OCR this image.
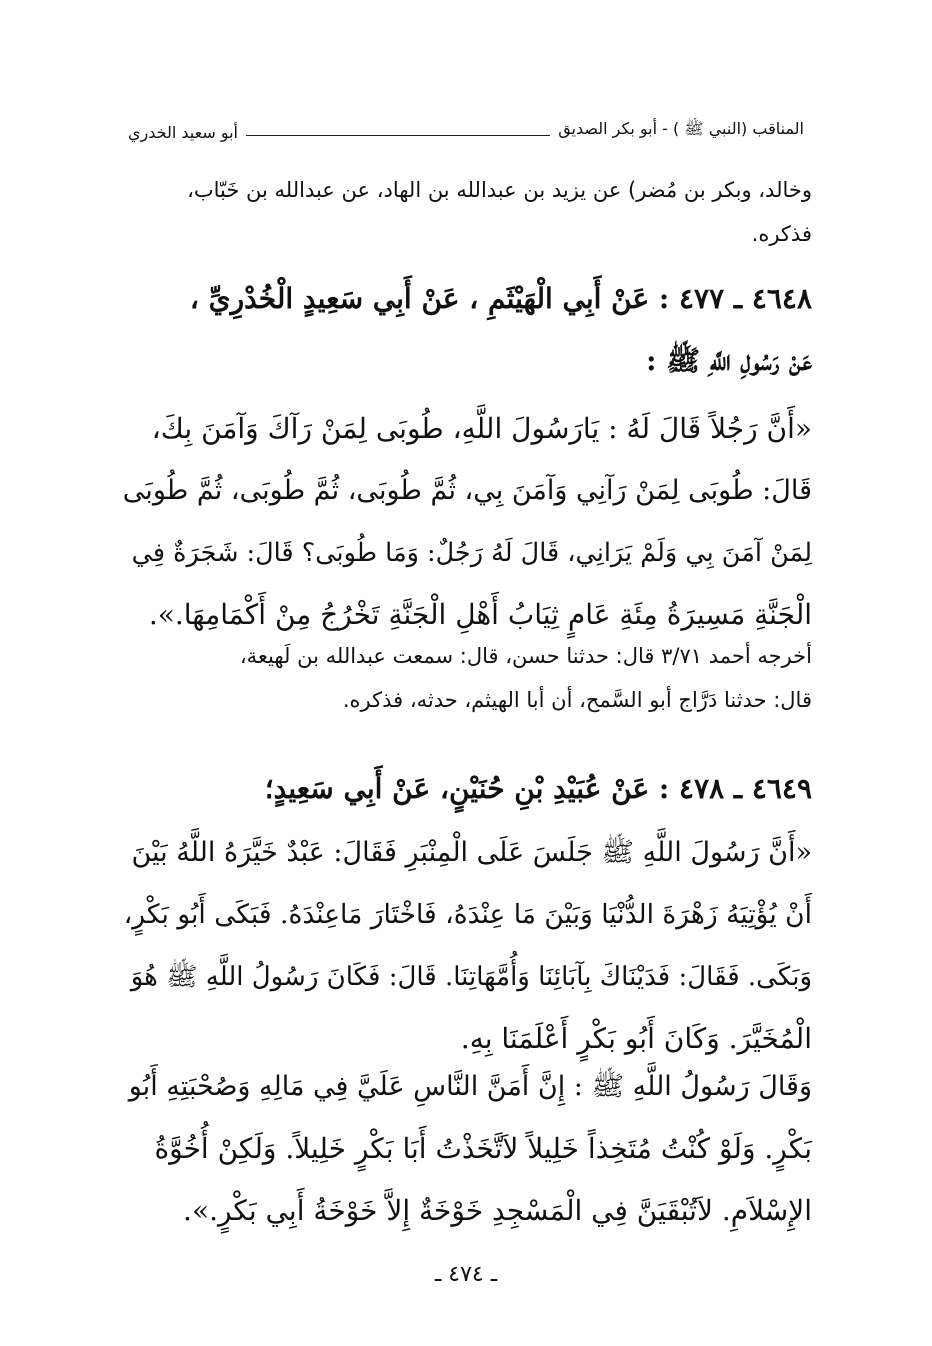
المناقب (النبي ﷺ ) - أبو بكر الصديق
أبو سعيد الخدري
وخالد، وبكر بن مُضر) عن يزيد بن عبدالله بن الهاد، عن عبدالله بن خَبّاب،
فذكره.
٤٦٤٨ ـ ٤٧٧ : عَنْ أَبِي الْهَيْثَمِ ، عَنْ أَبِي سَعِيدٍ الْخُدْرِيِّ ،
عَنْ رَسُولِ اللَّهِ ﷺ :
«أَنَّ رَجُلاً قَالَ لَهُ : يَارَسُولَ اللَّهِ، طُوبَى لِمَنْ رَآكَ وَآمَنَ بِكَ،
قَالَ: طُوبَى لِمَنْ رَآنِي وَآمَنَ بِي، ثُمَّ طُوبَى، ثُمَّ طُوبَى، ثُمَّ طُوبَى
لِمَنْ آمَنَ بِي وَلَمْ يَرَانِي، قَالَ لَهُ رَجُلٌ: وَمَا طُوبَى؟ قَالَ: شَجَرَةٌ فِي
الْجَنَّةِ مَسِيرَةُ مِئَةِ عَامٍ ثِيَابُ أَهْلِ الْجَنَّةِ تَخْرُجُ مِنْ أَكْمَامِهَا.».
أخرجه أحمد ٣/٧١ قال: حدثنا حسن، قال: سمعت عبدالله بن لَهيعة،
قال: حدثنا دَرَّاج أبو السَّمح، أن أبا الهيثم، حدثه، فذكره.
٤٦٤٩ ـ ٤٧٨ : عَنْ عُبَيْدِ بْنِ حُنَيْنٍ، عَنْ أَبِي سَعِيدٍ؛
«أَنَّ رَسُولَ اللَّهِ ﷺ جَلَسَ عَلَى الْمِنْبَرِ فَقَالَ: عَبْدٌ خَيَّرَهُ اللَّهُ بَيْنَ
أَنْ يُؤْتِيَهُ زَهْرَةَ الدُّنْيَا وَبَيْنَ مَا عِنْدَهُ، فَاخْتَارَ مَاعِنْدَهُ. فَبَكَى أَبُو بَكْرٍ،
وَبَكَى. فَقَالَ: فَدَيْنَاكَ بِآبَائِنَا وَأُمَّهَاتِنَا. قَالَ: فَكَانَ رَسُولُ اللَّهِ ﷺ هُوَ
الْمُخَيَّرَ. وَكَانَ أَبُو بَكْرٍ أَعْلَمَنَا بِهِ.
وَقَالَ رَسُولُ اللَّهِ ﷺ : إِنَّ أَمَنَّ النَّاسِ عَلَيَّ فِي مَالِهِ وَصُحْبَتِهِ أَبُو
بَكْرٍ. وَلَوْ كُنْتُ مُتَخِذاً خَلِيلاً لاَتَّخَذْتُ أَبَا بَكْرٍ خَلِيلاً. وَلَكِنْ أُخُوَّةُ
الإِسْلاَمِ. لاَتُبْقَيَنَّ فِي الْمَسْجِدِ خَوْخَةٌ إِلاَّ خَوْخَةُ أَبِي بَكْرٍ.».
ـ ٤٧٤ ـ
